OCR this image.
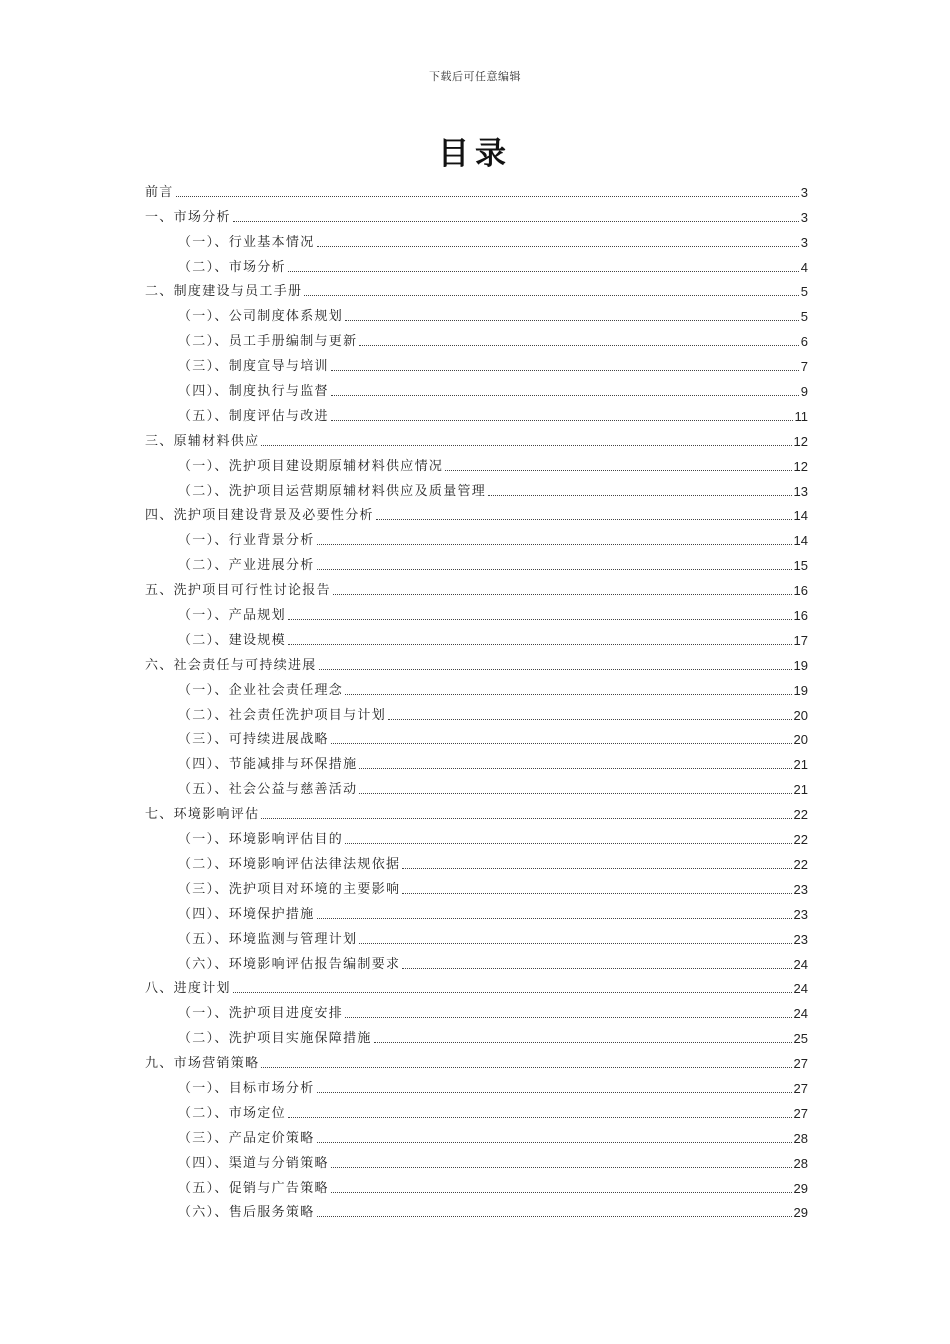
下载后可任意编辑
目录
前言	3
一、市场分析	3
（一）、行业基本情况	3
（二）、市场分析	4
二、制度建设与员工手册	5
（一）、公司制度体系规划	5
（二）、员工手册编制与更新	6
（三）、制度宣导与培训	7
（四）、制度执行与监督	9
（五）、制度评估与改进	11
三、原辅材料供应	12
（一）、洗护项目建设期原辅材料供应情况	12
（二）、洗护项目运营期原辅材料供应及质量管理	13
四、洗护项目建设背景及必要性分析	14
（一）、行业背景分析	14
（二）、产业进展分析	15
五、洗护项目可行性讨论报告	16
（一）、产品规划	16
（二）、建设规模	17
六、社会责任与可持续进展	19
（一）、企业社会责任理念	19
（二）、社会责任洗护项目与计划	20
（三）、可持续进展战略	20
（四）、节能减排与环保措施	21
（五）、社会公益与慈善活动	21
七、环境影响评估	22
（一）、环境影响评估目的	22
（二）、环境影响评估法律法规依据	22
（三）、洗护项目对环境的主要影响	23
（四）、环境保护措施	23
（五）、环境监测与管理计划	23
（六）、环境影响评估报告编制要求	24
八、进度计划	24
（一）、洗护项目进度安排	24
（二）、洗护项目实施保障措施	25
九、市场营销策略	27
（一）、目标市场分析	27
（二）、市场定位	27
（三）、产品定价策略	28
（四）、渠道与分销策略	28
（五）、促销与广告策略	29
（六）、售后服务策略	29
